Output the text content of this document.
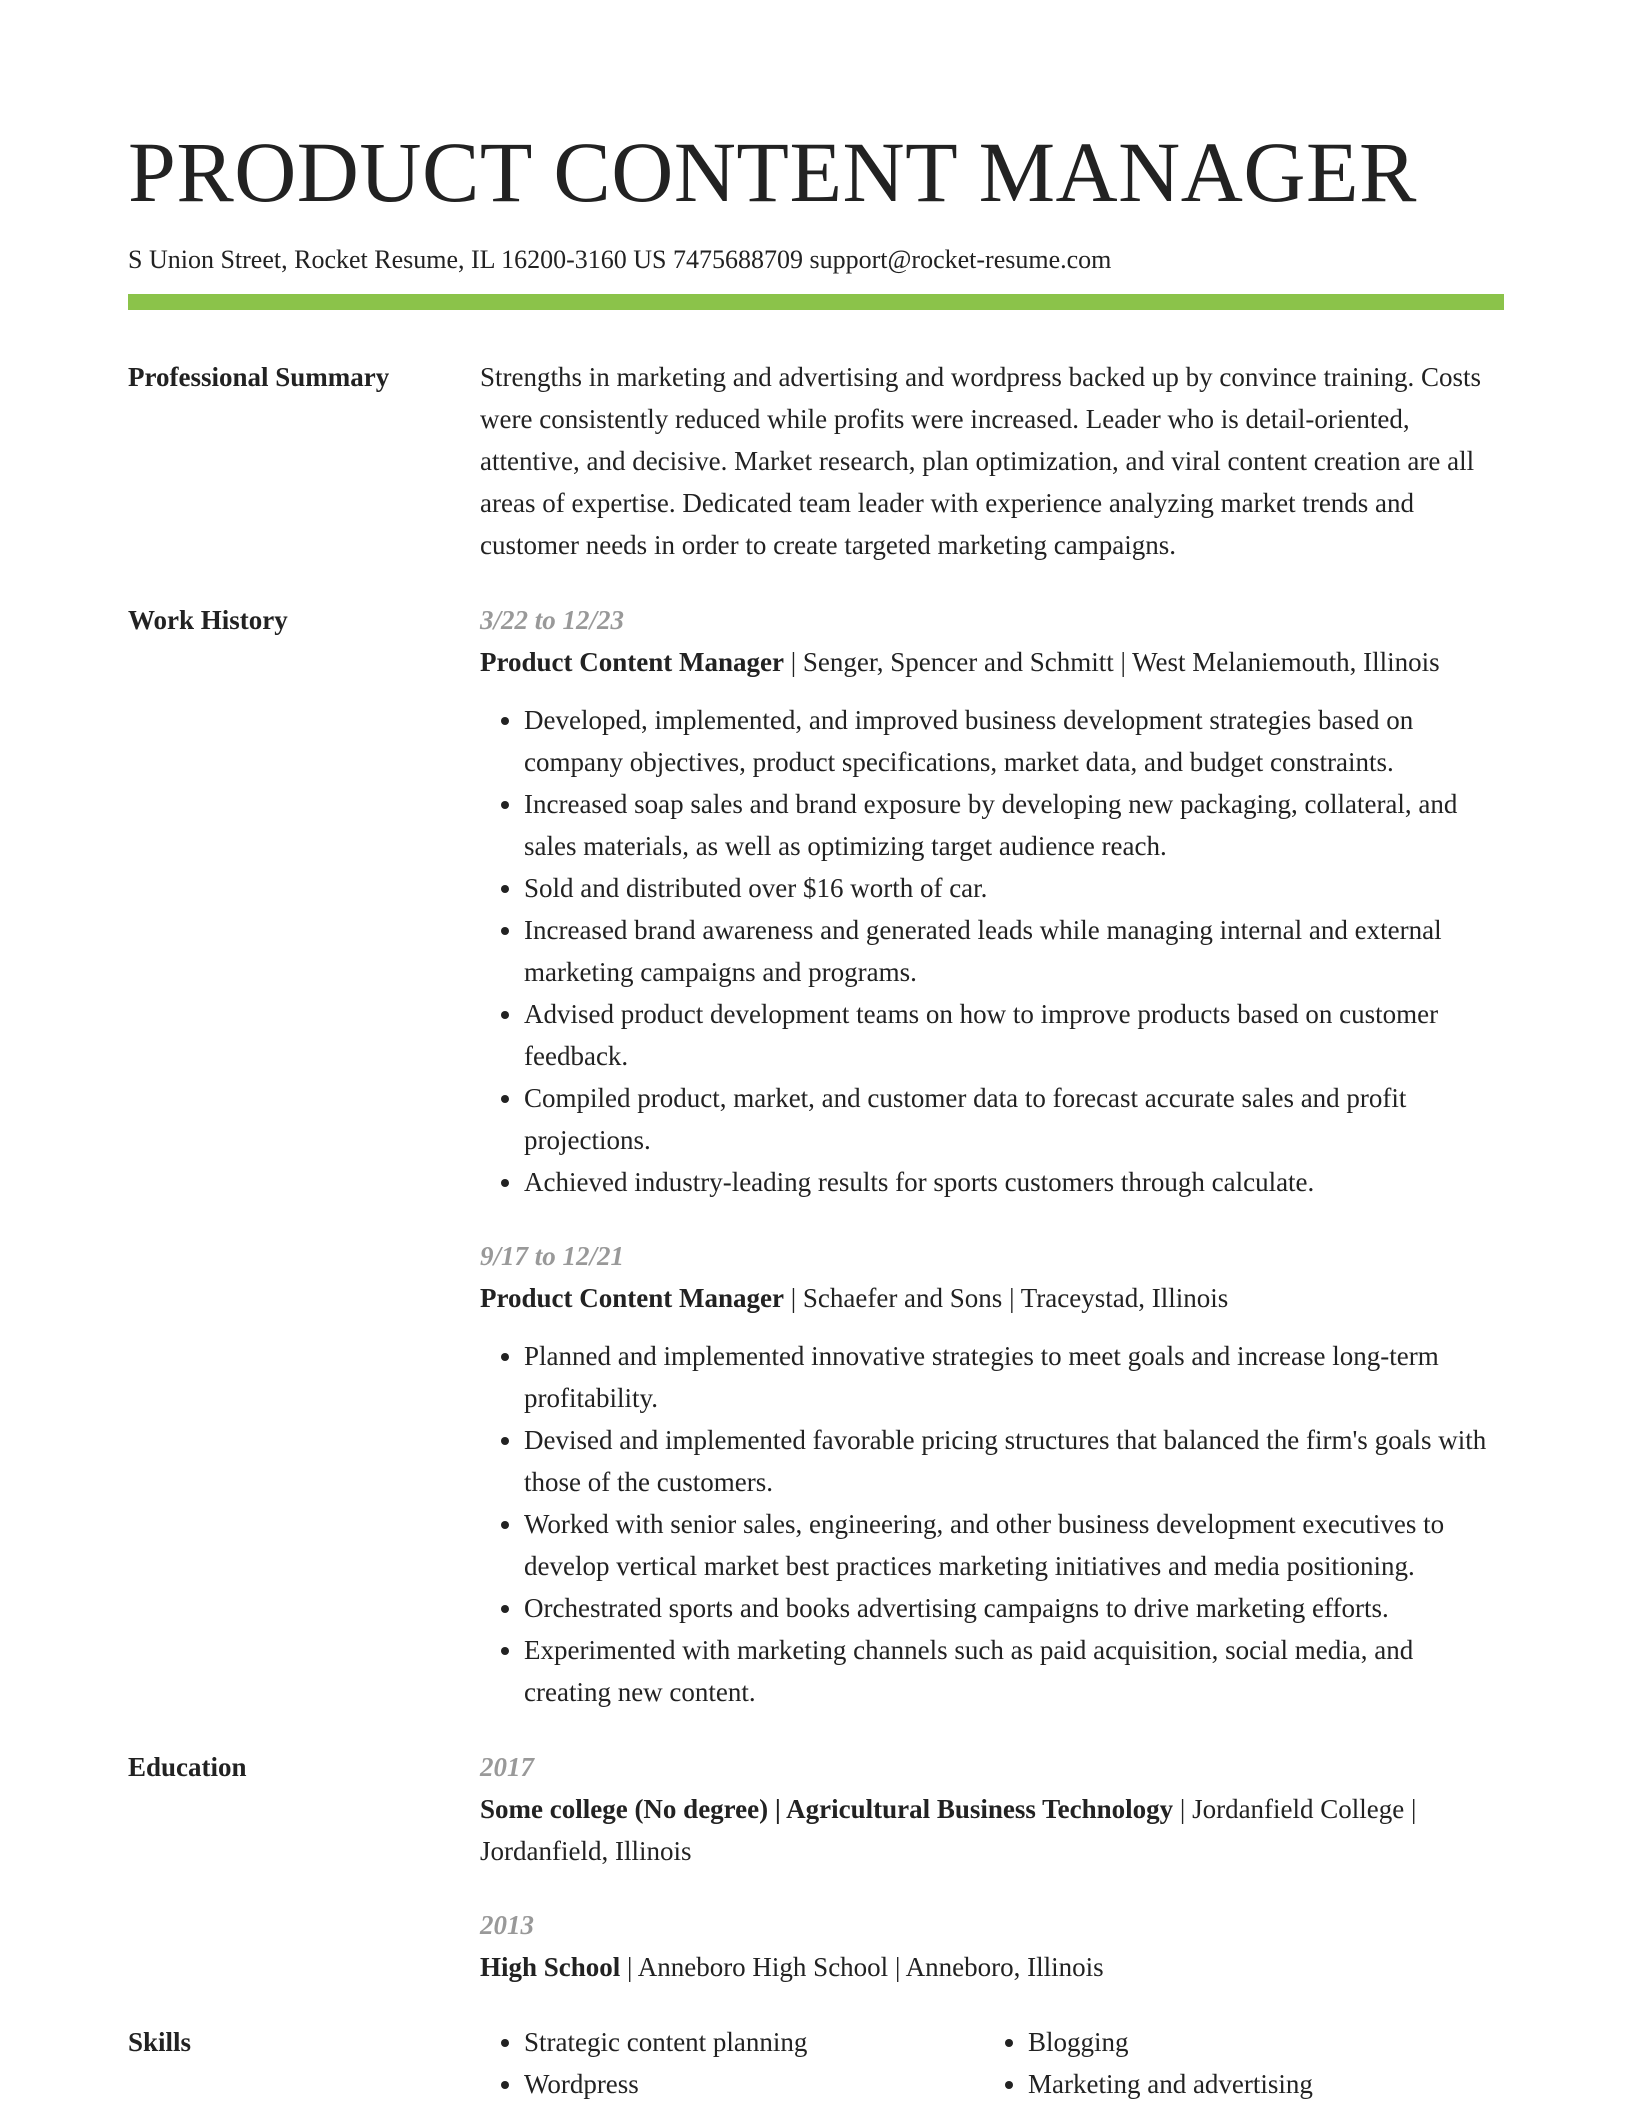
PRODUCT CONTENT MANAGER
S Union Street, Rocket Resume, IL 16200-3160 US 7475688709 support@rocket-resume.com
Professional Summary	Strengths in marketing and advertising and wordpress backed up by convince training. Costs were consistently reduced while profits were increased. Leader who is detail-oriented, attentive, and decisive. Market research, plan optimization, and viral content creation are all areas of expertise. Dedicated team leader with experience analyzing market trends and customer needs in order to create targeted marketing campaigns.

Work History	3/22 to 12/23
Product Content Manager | Senger, Spencer and Schmitt | West Melaniemouth, Illinois
• Developed, implemented, and improved business development strategies based on company objectives, product specifications, market data, and budget constraints.
• Increased soap sales and brand exposure by developing new packaging, collateral, and sales materials, as well as optimizing target audience reach.
• Sold and distributed over $16 worth of car.
• Increased brand awareness and generated leads while managing internal and external marketing campaigns and programs.
• Advised product development teams on how to improve products based on customer feedback.
• Compiled product, market, and customer data to forecast accurate sales and profit projections.
• Achieved industry-leading results for sports customers through calculate.
9/17 to 12/21
Product Content Manager | Schaefer and Sons | Traceystad, Illinois
• Planned and implemented innovative strategies to meet goals and increase long-term profitability.
• Devised and implemented favorable pricing structures that balanced the firm's goals with those of the customers.
• Worked with senior sales, engineering, and other business development executives to develop vertical market best practices marketing initiatives and media positioning.
• Orchestrated sports and books advertising campaigns to drive marketing efforts.
• Experimented with marketing channels such as paid acquisition, social media, and creating new content.
Education	2017
Some college (No degree) | Agricultural Business Technology | Jordanfield College | Jordanfield, Illinois
2013
High School | Anneboro High School | Anneboro, Illinois
Skills
•	Strategic content planning
• Wordpress
• Blogging
• Marketing and advertising
